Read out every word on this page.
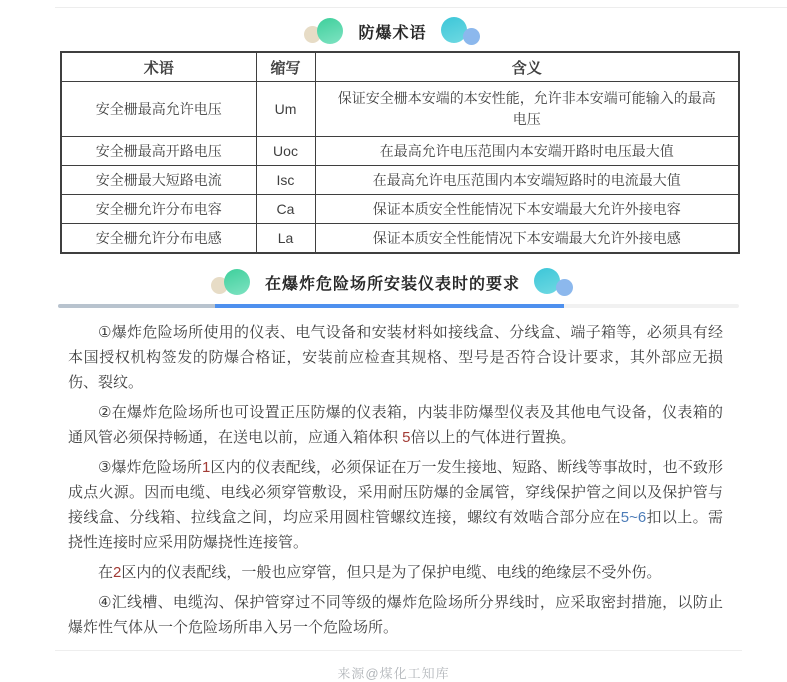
防爆术语
术语	缩写	含义
安全栅最高允许电压	Um	保证安全栅本安端的本安性能，允许非本安端可能输入的最高电压
安全栅最高开路电压	Uoc	在最高允许电压范围内本安端开路时电压最大值
安全栅最大短路电流	Isc	在最高允许电压范围内本安端短路时的电流最大值
安全栅允许分布电容	Ca	保证本质安全性能情况下本安端最大允许外接电容
安全栅允许分布电感	La	保证本质安全性能情况下本安端最大允许外接电感
在爆炸危险场所安装仪表时的要求

①爆炸危险场所使用的仪表、电气设备和安装材料如接线盒、分线盒、端子箱等，必须具有经本国授权机构签发的防爆合格证，安装前应检查其规格、型号是否符合设计要求，其外部应无损伤、裂纹。

②在爆炸危险场所也可设置正压防爆的仪表箱，内装非防爆型仪表及其他电气设备，仪表箱的通风管必须保持畅通，在送电以前，应通入箱体积 5倍以上的气体进行置换。

③爆炸危险场所1区内的仪表配线，必须保证在万一发生接地、短路、断线等事故时，也不致形成点火源。因而电缆、电线必须穿管敷设，采用耐压防爆的金属管，穿线保护管之间以及保护管与接线盒、分线箱、拉线盒之间，均应采用圆柱管螺纹连接，螺纹有效啮合部分应在5~6扣以上。需挠性连接时应采用防爆挠性连接管。

在2区内的仪表配线，一般也应穿管，但只是为了保护电缆、电线的绝缘层不受外伤。

④汇线槽、电缆沟、保护管穿过不同等级的爆炸危险场所分界线时，应采取密封措施，以防止爆炸性气体从一个危险场所串入另一个危险场所。

来源@煤化工知库
